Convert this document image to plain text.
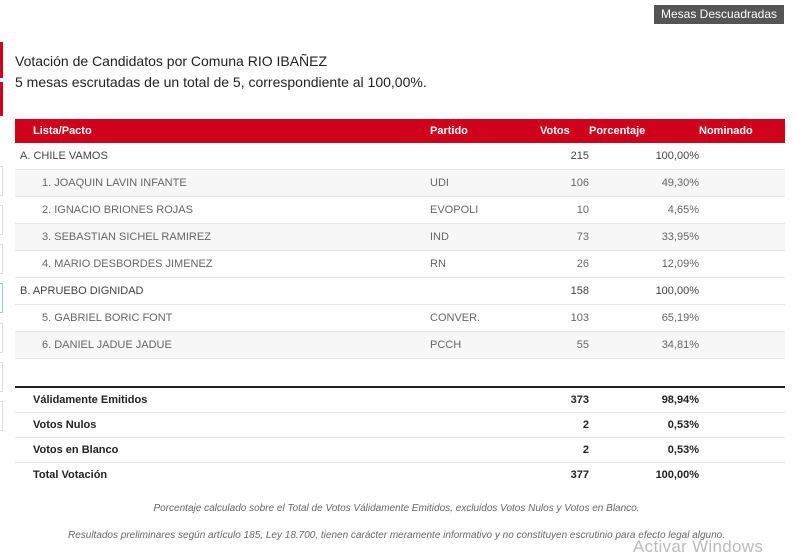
Mesas Descuadradas
Votación de Candidatos por Comuna RIO IBAÑEZ
5 mesas escrutadas de un total de 5, correspondiente al 100,00%.
Lista/Pacto	Partido	Votos	Porcentaje	Nominado
A. CHILE VAMOS		215	100,00%	
1. JOAQUIN LAVIN INFANTE	UDI	106	49,30%	
2. IGNACIO BRIONES ROJAS	EVOPOLI	10	4,65%	
3. SEBASTIAN SICHEL RAMIREZ	IND	73	33,95%	
4. MARIO DESBORDES JIMENEZ	RN	26	12,09%	
B. APRUEBO DIGNIDAD		158	100,00%	
5. GABRIEL BORIC FONT	CONVER.	103	65,19%	
6. DANIEL JADUE JADUE	PCCH	55	34,81%	

Válidamente Emitidos		373	98,94%	
Votos Nulos		2	0,53%	
Votos en Blanco		2	0,53%	
Total Votación		377	100,00%	
Porcentaje calculado sobre el Total de Votos Válidamente Emitidos, excluidos Votos Nulos y Votos en Blanco.
Resultados preliminares según artículo 185, Ley 18.700, tienen carácter meramente informativo y no constituyen escrutinio para efecto legal alguno.
Activar Windows
